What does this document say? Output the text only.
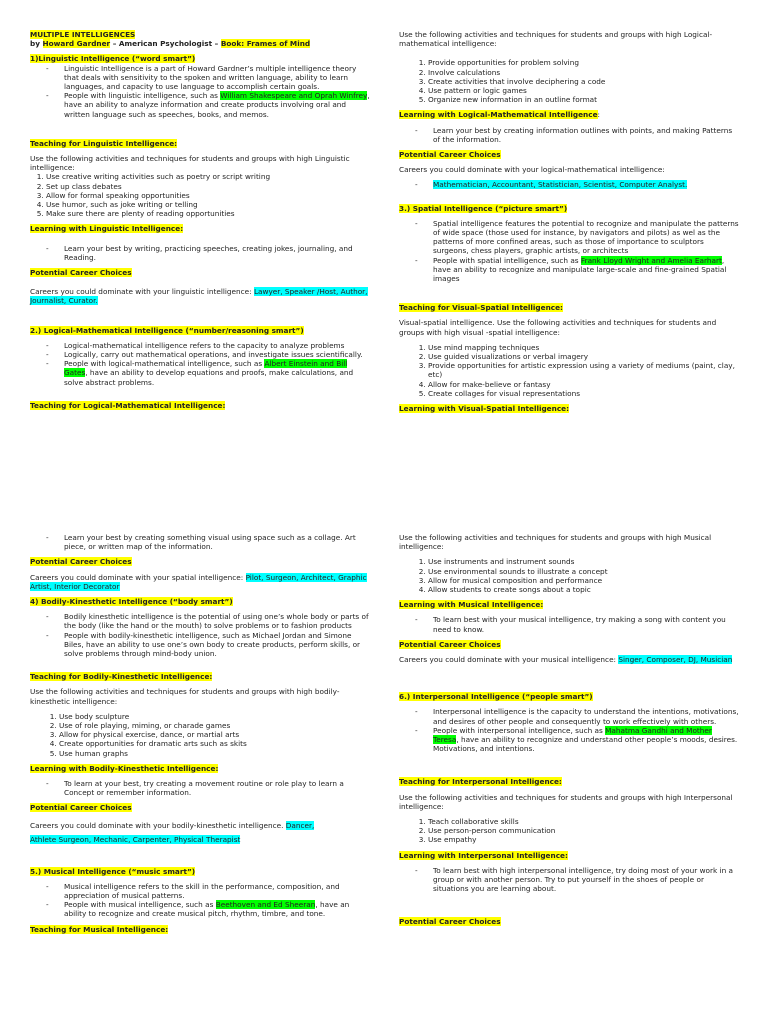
MULTIPLE INTELLIGENCES

by Howard Gardner – American Psychologist – Book: Frames of Mind

1)Linguistic Intelligence (“word smart”)

- Linguistic Intelligence is a part of Howard Gardner’s multiple intelligence theory that deals with sensitivity to the spoken and written language, ability to learn languages, and capacity to use language to accomplish certain goals.
- People with linguistic intelligence, such as William Shakespeare and Oprah Winfrey, have an ability to analyze information and create products involving oral and written language such as speeches, books, and memos.

Teaching for Linguistic Intelligence:

Use the following activities and techniques for students and groups with high Linguistic intelligence:

1. Use creative writing activities such as poetry or script writing
2. Set up class debates
3. Allow for formal speaking opportunities
4. Use humor, such as joke writing or telling
5. Make sure there are plenty of reading opportunities

Learning with Linguistic Intelligence:

- Learn your best by writing, practicing speeches, creating jokes, journaling, and Reading.

Potential Career Choices

Careers you could dominate with your linguistic intelligence: Lawyer, Speaker /Host, Author, Journalist, Curator.

2.) Logical-Mathematical Intelligence (“number/reasoning smart”)

- Logical-mathematical intelligence refers to the capacity to analyze problems
- Logically, carry out mathematical operations, and investigate issues scientifically.
- People with logical-mathematical intelligence, such as Albert Einstein and Bill Gates, have an ability to develop equations and proofs, make calculations, and solve abstract problems.

Teaching for Logical-Mathematical Intelligence:

Use the following activities and techniques for students and groups with high Logical-mathematical intelligence:

1. Provide opportunities for problem solving
2. Involve calculations
3. Create activities that involve deciphering a code
4. Use pattern or logic games
5. Organize new information in an outline format

Learning with Logical-Mathematical Intelligence:

- Learn your best by creating information outlines with points, and making Patterns of the information.

Potential Career Choices

Careers you could dominate with your logical-mathematical intelligence:

- Mathematician, Accountant, Statistician, Scientist, Computer Analyst.

3.) Spatial Intelligence (“picture smart”)

- Spatial intelligence features the potential to recognize and manipulate the patterns of wide space (those used for instance, by navigators and pilots) as wel as the patterns of more confined areas, such as those of importance to sculptors surgeons, chess players, graphic artists, or architects
- People with spatial intelligence, such as Frank Lloyd Wright and Amelia Earhart, have an ability to recognize and manipulate large-scale and fine-grained Spatial images

Teaching for Visual-Spatial Intelligence:

Visual-spatial intelligence. Use the following activities and techniques for students and groups with high visual -spatial intelligence:

1. Use mind mapping techniques
2. Use guided visualizations or verbal imagery
3. Provide opportunities for artistic expression using a variety of mediums (paint, clay, etc)
4. Allow for make-believe or fantasy
5. Create collages for visual representations

Learning with Visual-Spatial Intelligence:

- Learn your best by creating something visual using space such as a collage. Art piece, or written map of the information.

Potential Career Choices

Careers you could dominate with your spatial intelligence: Pilot, Surgeon, Architect, Graphic Artist, Interior Decorator

4) Bodily-Kinesthetic Intelligence (“body smart”)

- Bodily kinesthetic intelligence is the potential of using one’s whole body or parts of the body (like the hand or the mouth) to solve problems or to fashion products
- People with bodily-kinesthetic intelligence, such as Michael Jordan and Simone Biles, have an ability to use one’s own body to create products, perform skills, or solve problems through mind-body union.

Teaching for Bodily-Kinesthetic Intelligence:

Use the following activities and techniques for students and groups with high bodily-kinesthetic intelligence:

1. Use body sculpture
2. Use of role playing, miming, or charade games
3. Allow for physical exercise, dance, or martial arts
4. Create opportunities for dramatic arts such as skits
5. Use human graphs

Learning with Bodily-Kinesthetic Intelligence:

- To learn at your best, try creating a movement routine or role play to learn a Concept or remember information.

Potential Career Choices

Careers you could dominate with your bodily-kinesthetic intelligence. Dancer,
Athlete Surgeon, Mechanic, Carpenter, Physical Therapist

5.) Musical Intelligence (“music smart”)

- Musical intelligence refers to the skill in the performance, composition, and appreciation of musical patterns.
- People with musical intelligence, such as Beethoven and Ed Sheeran, have an ability to recognize and create musical pitch, rhythm, timbre, and tone.

Teaching for Musical Intelligence:

Use the following activities and techniques for students and groups with high Musical intelligence:

1. Use instruments and instrument sounds
2. Use environmental sounds to illustrate a concept
3. Allow for musical composition and performance
4. Allow students to create songs about a topic

Learning with Musical Intelligence:

- To learn best with your musical intelligence, try making a song with content you need to know.

Potential Career Choices

Careers you could dominate with your musical intelligence: Singer, Composer, DJ, Musician

6.) Interpersonal Intelligence (“people smart”)

- Interpersonal intelligence is the capacity to understand the intentions, motivations, and desires of other people and consequently to work effectively with others.
- People with interpersonal intelligence, such as Mahatma Gandhi and Mother Teresa, have an ability to recognize and understand other people’s moods, desires. Motivations, and intentions.

Teaching for Interpersonal Intelligence:

Use the following activities and techniques for students and groups with high Interpersonal intelligence:

1. Teach collaborative skills
2. Use person-person communication
3. Use empathy

Learning with Interpersonal Intelligence:

- To learn best with high interpersonal intelligence, try doing most of your work in a group or with another person. Try to put yourself in the shoes of people or situations you are learning about.

Potential Career Choices
